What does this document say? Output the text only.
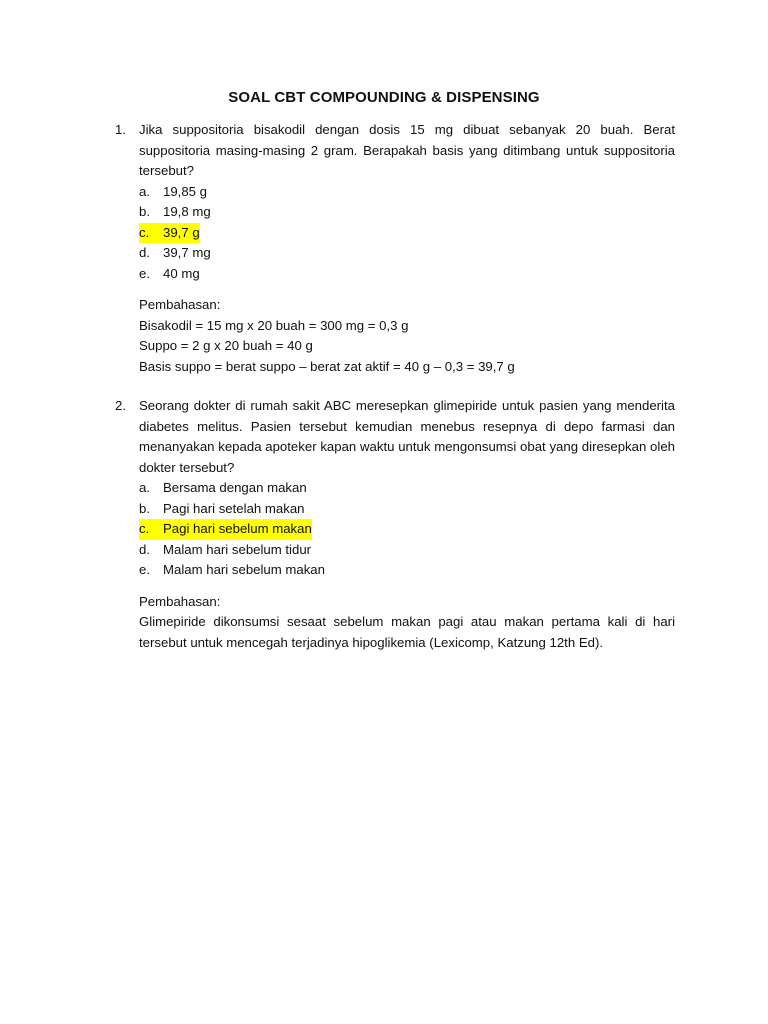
SOAL CBT COMPOUNDING & DISPENSING
1. Jika suppositoria bisakodil dengan dosis 15 mg dibuat sebanyak 20 buah. Berat suppositoria masing-masing 2 gram. Berapakah basis yang ditimbang untuk suppositoria tersebut?
a. 19,85 g
b. 19,8 mg
c. 39,7 g
d. 39,7 mg
e. 40 mg
Pembahasan:
Bisakodil = 15 mg x 20 buah = 300 mg = 0,3 g
Suppo = 2 g x 20 buah = 40 g
Basis suppo = berat suppo – berat zat aktif = 40 g – 0,3 = 39,7 g
2. Seorang dokter di rumah sakit ABC meresepkan glimepiride untuk pasien yang menderita diabetes melitus. Pasien tersebut kemudian menebus resepnya di depo farmasi dan menanyakan kepada apoteker kapan waktu untuk mengonsumsi obat yang diresepkan oleh dokter tersebut?
a. Bersama dengan makan
b. Pagi hari setelah makan
c. Pagi hari sebelum makan
d. Malam hari sebelum tidur
e. Malam hari sebelum makan
Pembahasan:
Glimepiride dikonsumsi sesaat sebelum makan pagi atau makan pertama kali di hari tersebut untuk mencegah terjadinya hipoglikemia (Lexicomp, Katzung 12th Ed).
